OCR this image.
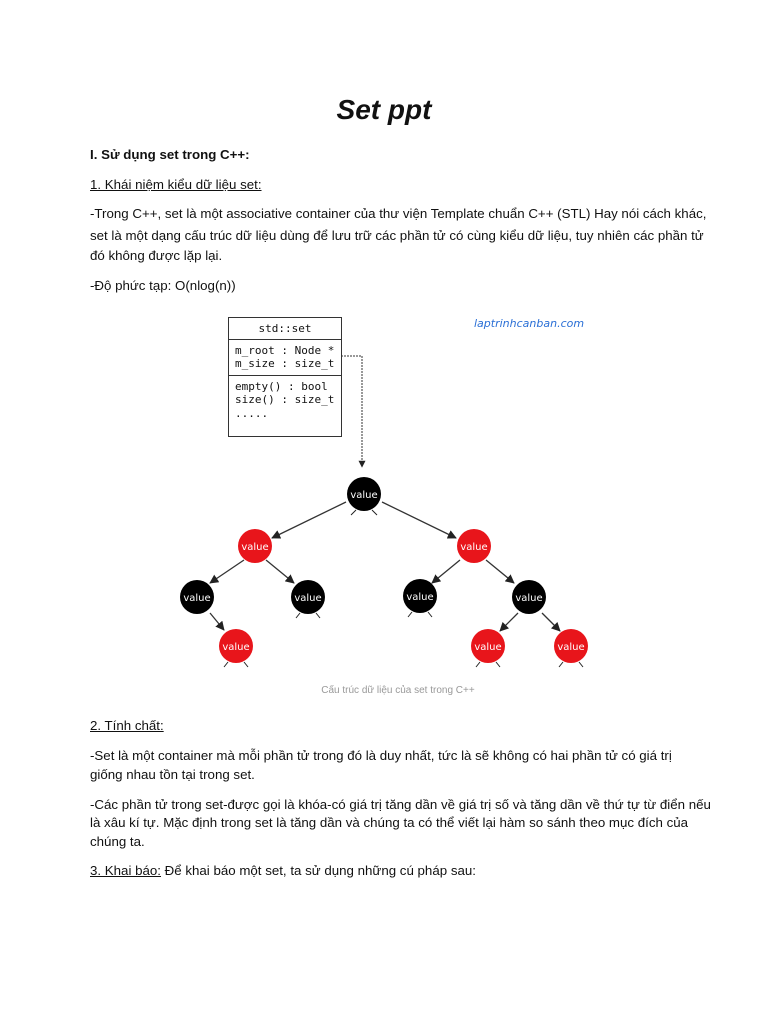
Set ppt
I. Sử dụng set trong C++:
1. Khái niệm kiểu dữ liệu set:
-Trong C++, set là một associative container của thư viện Template chuẩn C++ (STL) Hay nói cách khác,
set là một dạng cấu trúc dữ liệu dùng để lưu trữ các phần tử có cùng kiểu dữ liệu, tuy nhiên các phần tử
đó không được lặp lại.
-Độ phức tạp: O(nlog(n))
std::set
m_root : Node *
m_size : size_t
empty() : bool
size() : size_t
.....
laptrinhcanban.com
value
value	value
value	value	value	value
value	value	value
Cấu trúc dữ liệu của set trong C++
2. Tính chất:
-Set là một container mà mỗi phần tử trong đó là duy nhất, tức là sẽ không có hai phần tử có giá trị
giống nhau tồn tại trong set.
-Các phần tử trong set-được gọi là khóa-có giá trị tăng dần về giá trị số và tăng dần về thứ tự từ điển nếu
là xâu kí tự. Mặc định trong set là tăng dần và chúng ta có thể viết lại hàm so sánh theo mục đích của
chúng ta.
3. Khai báo: Để khai báo một set, ta sử dụng những cú pháp sau:
